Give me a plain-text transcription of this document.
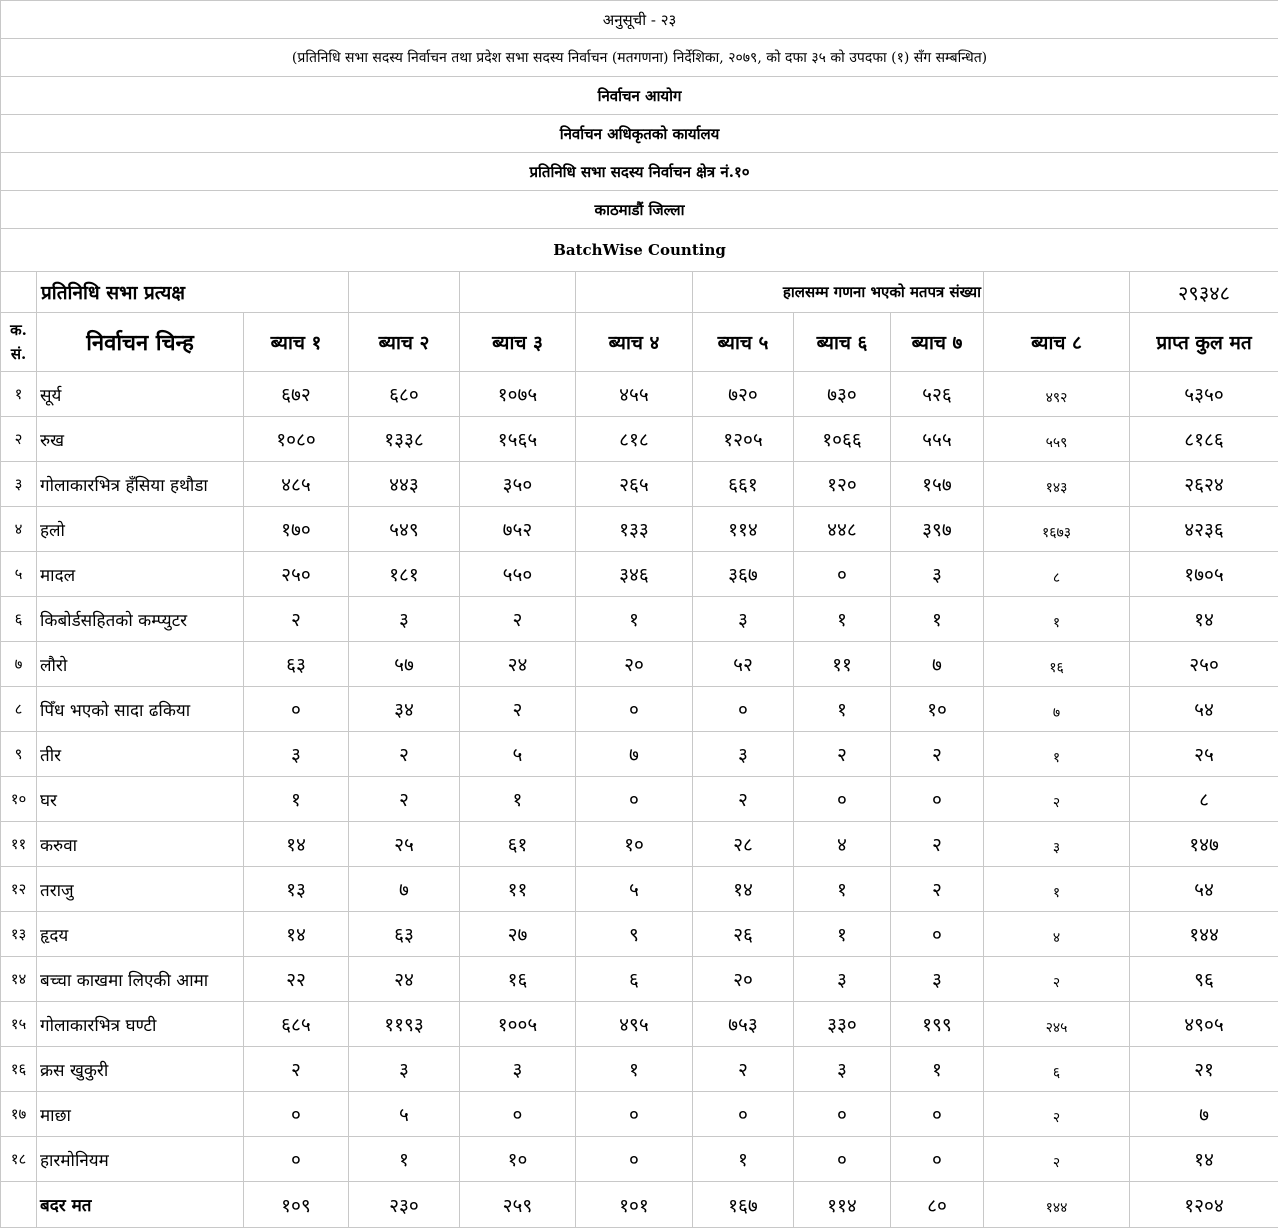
अनुसूची - २३										
(प्रतिनिधि सभा सदस्य निर्वाचन तथा प्रदेश सभा सदस्य निर्वाचन (मतगणना) निर्देशिका, २०७९, को दफा ३५ को उपदफा (१) सँग सम्बन्धित)										
निर्वाचन आयोग										
निर्वाचन अधिकृतको कार्यालय										
प्रतिनिधि सभा सदस्य निर्वाचन क्षेत्र नं.१०										
काठमाडौं जिल्ला										
BatchWise Counting										
	प्रतिनिधि सभा प्रत्यक्ष					हालसम्म गणना भएको मतपत्र संख्या				२९३४८
क. सं.	निर्वाचन चिन्ह	ब्याच १	ब्याच २	ब्याच ३	ब्याच ४	ब्याच ५	ब्याच ६	ब्याच ७	ब्याच ८	प्राप्त कुल मत
१	सूर्य	६७२	६८०	१०७५	४५५	७२०	७३०	५२६	४९२	५३५०
२	रुख	१०८०	१३३८	१५६५	८१८	१२०५	१०६६	५५५	५५९	८१८६
३	गोलाकारभित्र हँसिया हथौडा	४८५	४४३	३५०	२६५	६६१	१२०	१५७	१४३	२६२४
४	हलो	१७०	५४९	७५२	१३३	११४	४४८	३९७	१६७३	४२३६
५	मादल	२५०	१८१	५५०	३४६	३६७	०	३	८	१७०५
६	किबोर्डसहितको कम्प्युटर	२	३	२	१	३	१	१	१	१४
७	लौरो	६३	५७	२४	२०	५२	११	७	१६	२५०
८	पिँध भएको सादा ढकिया	०	३४	२	०	०	१	१०	७	५४
९	तीर	३	२	५	७	३	२	२	१	२५
१०	घर	१	२	१	०	२	०	०	२	८
११	करुवा	१४	२५	६१	१०	२८	४	२	३	१४७
१२	तराजु	१३	७	११	५	१४	१	२	१	५४
१३	हृदय	१४	६३	२७	९	२६	१	०	४	१४४
१४	बच्चा काखमा लिएकी आमा	२२	२४	१६	६	२०	३	३	२	९६
१५	गोलाकारभित्र घण्टी	६८५	११९३	१००५	४९५	७५३	३३०	१९९	२४५	४९०५
१६	क्रस खुकुरी	२	३	३	१	२	३	१	६	२१
१७	माछा	०	५	०	०	०	०	०	२	७
१८	हारमोनियम	०	१	१०	०	१	०	०	२	१४
	बदर मत	१०९	२३०	२५९	१०१	१६७	११४	८०	१४४	१२०४
